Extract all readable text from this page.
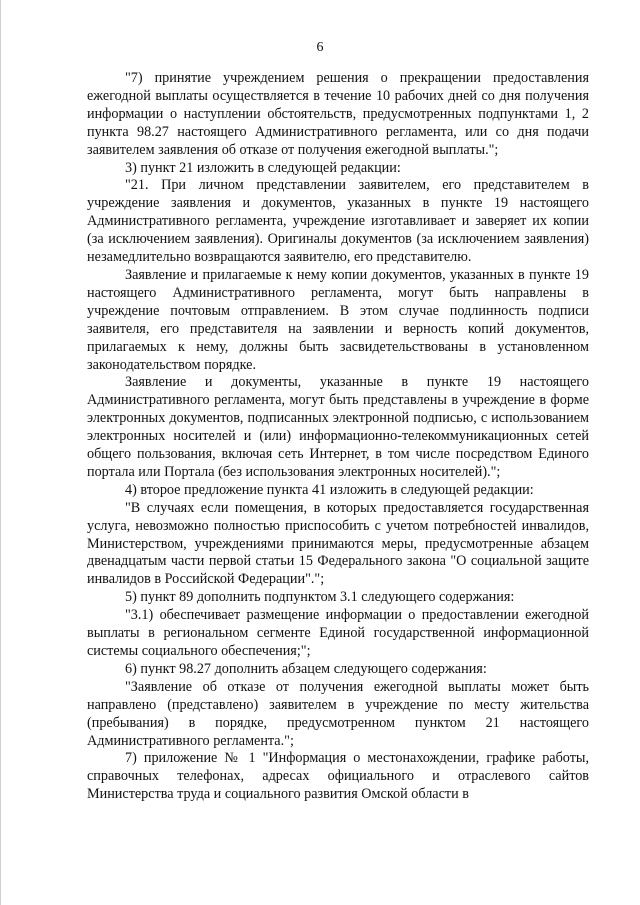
6

"7) принятие учреждением решения о прекращении предоставления ежегодной выплаты осуществляется в течение 10 рабочих дней со дня получения информации о наступлении обстоятельств, предусмотренных подпунктами 1, 2 пункта 98.27 настоящего Административного регламента, или со дня подачи заявителем заявления об отказе от получения ежегодной выплаты.";

3) пункт 21 изложить в следующей редакции:

"21. При личном представлении заявителем, его представителем в учреждение заявления и документов, указанных в пункте 19 настоящего Административного регламента, учреждение изготавливает и заверяет их копии (за исключением заявления). Оригиналы документов (за исключением заявления) незамедлительно возвращаются заявителю, его представителю.

Заявление и прилагаемые к нему копии документов, указанных в пункте 19 настоящего Административного регламента, могут быть направлены в учреждение почтовым отправлением. В этом случае подлинность подписи заявителя, его представителя на заявлении и верность копий документов, прилагаемых к нему, должны быть засвидетельствованы в установленном законодательством порядке.

Заявление и документы, указанные в пункте 19 настоящего Административного регламента, могут быть представлены в учреждение в форме электронных документов, подписанных электронной подписью, с использованием электронных носителей и (или) информационно-телекоммуникационных сетей общего пользования, включая сеть Интернет, в том числе посредством Единого портала или Портала (без использования электронных носителей).";

4) второе предложение пункта 41 изложить в следующей редакции:

"В случаях если помещения, в которых предоставляется государственная услуга, невозможно полностью приспособить с учетом потребностей инвалидов, Министерством, учреждениями принимаются меры, предусмотренные абзацем двенадцатым части первой статьи 15 Федерального закона "О социальной защите инвалидов в Российской Федерации".";

5) пункт 89 дополнить подпунктом 3.1 следующего содержания:

"3.1) обеспечивает размещение информации о предоставлении ежегодной выплаты в региональном сегменте Единой государственной информационной системы социального обеспечения;";

6) пункт 98.27 дополнить абзацем следующего содержания:

"Заявление об отказе от получения ежегодной выплаты может быть направлено (представлено) заявителем в учреждение по месту жительства (пребывания) в порядке, предусмотренном пунктом 21 настоящего Административного регламента.";

7) приложение № 1 "Информация о местонахождении, графике работы, справочных телефонах, адресах официального и отраслевого сайтов Министерства труда и социального развития Омской области в
